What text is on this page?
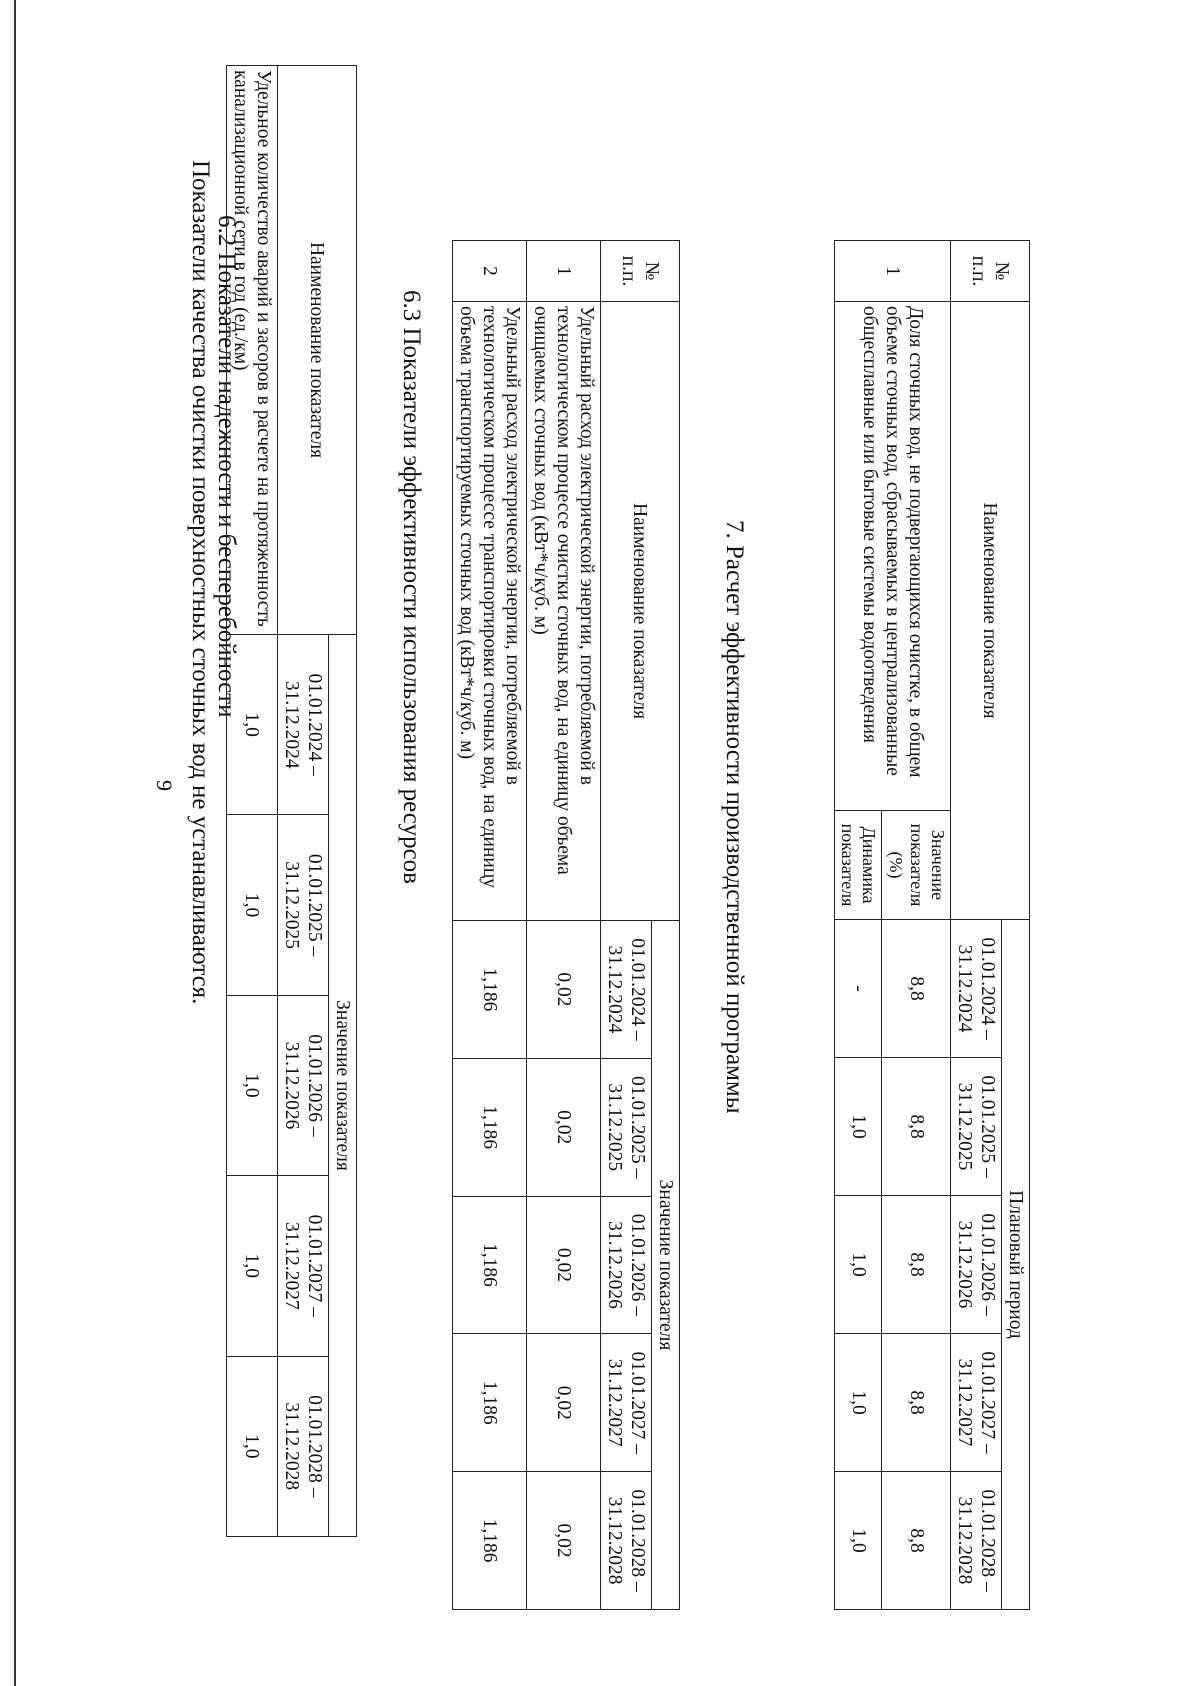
9 Показатели качества очистки поверхностных сточных вод не устанавливаются. 6.2 Показатели надежности и бесперебойности	Наименование показателя	Значение показателя				
	01.01.2024 – 31.12.2024	01.01.2025 – 31.12.2025	01.01.2026 – 31.12.2026	01.01.2027 – 31.12.2027	01.01.2028 – 31.12.2028
Удельное количество аварий и засоров в расчете на протяженность канализационной сети в год (ед./км)	1,0	1,0	1,0	1,0	1,0
6.3 Показатели эффективности использования ресурсов
№ п.п.	Наименование показателя	Значение показателя				
		01.01.2024 – 31.12.2024	01.01.2025 – 31.12.2025	01.01.2026 – 31.12.2026	01.01.2027 – 31.12.2027	01.01.2028 – 31.12.2028
1	Удельный расход электрической энергии, потребляемой в технологическом процессе очистки сточных вод, на единицу объема очищаемых сточных вод (кВт*ч/куб. м)	0,02	0,02	0,02	0,02	0,02
2	Удельный расход электрической энергии, потребляемой в технологическом процессе транспортировки сточных вод, на единицу объема транспортируемых сточных вод (кВт*ч/куб. м)	1,186	1,186	1,186	1,186	1,186
7. Расчет эффективности производственной программы
№ п.п.	Наименование показателя		Плановый период				
			01.01.2024 – 31.12.2024	01.01.2025 – 31.12.2025	01.01.2026 – 31.12.2026	01.01.2027 – 31.12.2027	01.01.2028 – 31.12.2028
1	Доля сточных вод, не подвергающихся очистке, в общем объеме сточных вод, сбрасываемых в централизованные общесплавные или бытовые системы водоотведения	Значение показателя (%)	8,8	8,8	8,8	8,8	8,8
		Динамика показателя	-	1,0	1,0	1,0	1,0
